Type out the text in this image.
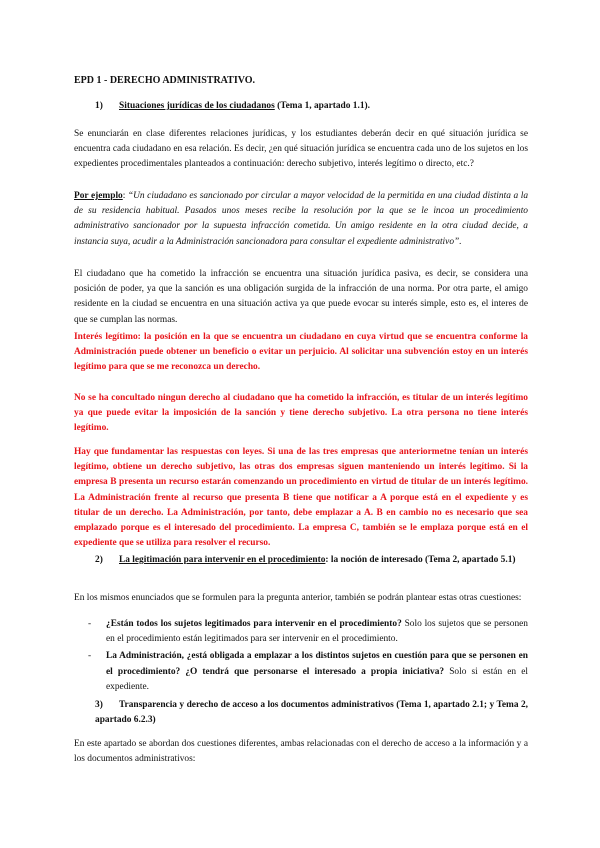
EPD 1 - DERECHO ADMINISTRATIVO.

1) Situaciones jurídicas de los ciudadanos (Tema 1, apartado 1.1).

Se enunciarán en clase diferentes relaciones jurídicas, y los estudiantes deberán decir en qué situación jurídica se encuentra cada ciudadano en esa relación. Es decir, ¿en qué situación jurídica se encuentra cada uno de los sujetos en los expedientes procedimentales planteados a continuación: derecho subjetivo, interés legítimo o directo, etc.?

Por ejemplo: “Un ciudadano es sancionado por circular a mayor velocidad de la permitida en una ciudad distinta a la de su residencia habitual. Pasados unos meses recibe la resolución por la que se le incoa un procedimiento administrativo sancionador por la supuesta infracción cometida. Un amigo residente en la otra ciudad decide, a instancia suya, acudir a la Administración sancionadora para consultar el expediente administrativo”.

El ciudadano que ha cometido la infracción se encuentra una situación jurídica pasiva, es decir, se considera una posición de poder, ya que la sanción es una obligación surgida de la infracción de una norma. Por otra parte, el amigo residente en la ciudad se encuentra en una situación activa ya que puede evocar su interés simple, esto es, el interes de que se cumplan las normas.

Interés legítimo: la posición en la que se encuentra un ciudadano en cuya virtud que se encuentra conforme la Administración puede obtener un beneficio o evitar un perjuicio. Al solicitar una subvención estoy en un interés legítimo para que se me reconozca un derecho.

No se ha concultado ningun derecho al ciudadano que ha cometido la infracción, es titular de un interés legítimo ya que puede evitar la imposición de la sanción y tiene derecho subjetivo. La otra persona no tiene interés legítimo.

Hay que fundamentar las respuestas con leyes. Si una de las tres empresas que anteriormetne tenían un interés legítimo, obtiene un derecho subjetivo, las otras dos empresas siguen manteniendo un interés legítimo. Si la empresa B presenta un recurso estarán comenzando un procedimiento en virtud de titular de un interés legítimo. La Administración frente al recurso que presenta B tiene que notificar a A porque está en el expediente y es titular de un derecho. La Administración, por tanto, debe emplazar a A. B en cambio no es necesario que sea emplazado porque es el interesado del procedimiento. La empresa C, también se le emplaza porque está en el expediente que se utiliza para resolver el recurso.

2) La legitimación para intervenir en el procedimiento: la noción de interesado (Tema 2, apartado 5.1)

En los mismos enunciados que se formulen para la pregunta anterior, también se podrán plantear estas otras cuestiones:

- ¿Están todos los sujetos legitimados para intervenir en el procedimiento? Solo los sujetos que se personen en el procedimiento están legitimados para ser intervenir en el procedimiento.
- La Administración, ¿está obligada a emplazar a los distintos sujetos en cuestión para que se personen en el procedimiento? ¿O tendrá que personarse el interesado a propia iniciativa? Solo si están en el expediente.

3) Transparencia y derecho de acceso a los documentos administrativos (Tema 1, apartado 2.1; y Tema 2, apartado 6.2.3)

En este apartado se abordan dos cuestiones diferentes, ambas relacionadas con el derecho de acceso a la información y a los documentos administrativos:
